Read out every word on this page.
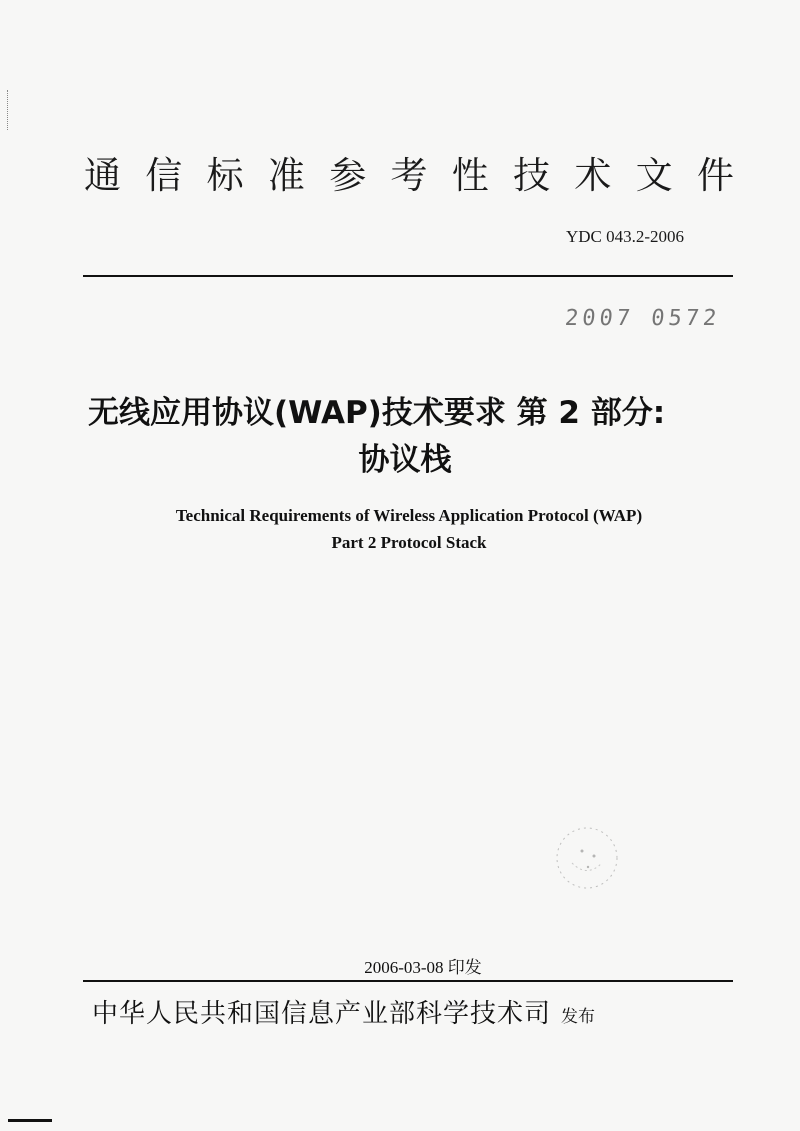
通 信 标 准 参 考 性 技 术 文 件
YDC 043.2-2006
2007 0572
无线应用协议(WAP)技术要求 第 2 部分:
协议栈
Technical Requirements of Wireless Application Protocol (WAP)
Part 2 Protocol Stack
2006-03-08 印发
中华人民共和国信息产业部科学技术司 发布
